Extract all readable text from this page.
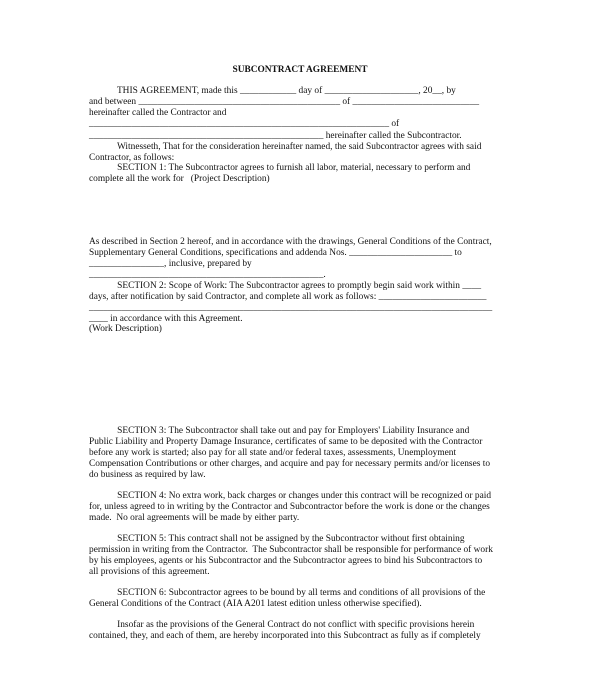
SUBCONTRACT AGREEMENT

THIS AGREEMENT, made this ____________ day of ____________________, 20__, by

and between ___________________________________________ of ___________________________

hereinafter called the Contractor and

________________________________________________________________ of

__________________________________________________ hereinafter called the Subcontractor.

Witnesseth, That for the consideration hereinafter named, the said Subcontractor agrees with said

Contractor, as follows:

SECTION 1: The Subcontractor agrees to furnish all labor, material, necessary to perform and

complete all the work for   (Project Description)

As described in Section 2 hereof, and in accordance with the drawings, General Conditions of the Contract,

Supplementary General Conditions, specifications and addenda Nos. ______________________ to

________________, inclusive, prepared by

__________________________________________________.

SECTION 2: Scope of Work: The Subcontractor agrees to promptly begin said work within ____

days, after notification by said Contractor, and complete all work as follows: _______________________

______________________________________________________________________________________

____ in accordance with this Agreement.

(Work Description)

SECTION 3: The Subcontractor shall take out and pay for Employers' Liability Insurance and

Public Liability and Property Damage Insurance, certificates of same to be deposited with the Contractor

before any work is started; also pay for all state and/or federal taxes, assessments, Unemployment

Compensation Contributions or other charges, and acquire and pay for necessary permits and/or licenses to

do business as required by law.

SECTION 4: No extra work, back charges or changes under this contract will be recognized or paid

for, unless agreed to in writing by the Contractor and Subcontractor before the work is done or the changes

made.  No oral agreements will be made by either party.

SECTION 5: This contract shall not be assigned by the Subcontractor without first obtaining

permission in writing from the Contractor.  The Subcontractor shall be responsible for performance of work

by his employees, agents or his Subcontractor and the Subcontractor agrees to bind his Subcontractors to

all provisions of this agreement.

SECTION 6: Subcontractor agrees to be bound by all terms and conditions of all provisions of the

General Conditions of the Contract (AIA A201 latest edition unless otherwise specified).

Insofar as the provisions of the General Contract do not conflict with specific provisions herein

contained, they, and each of them, are hereby incorporated into this Subcontract as fully as if completely
